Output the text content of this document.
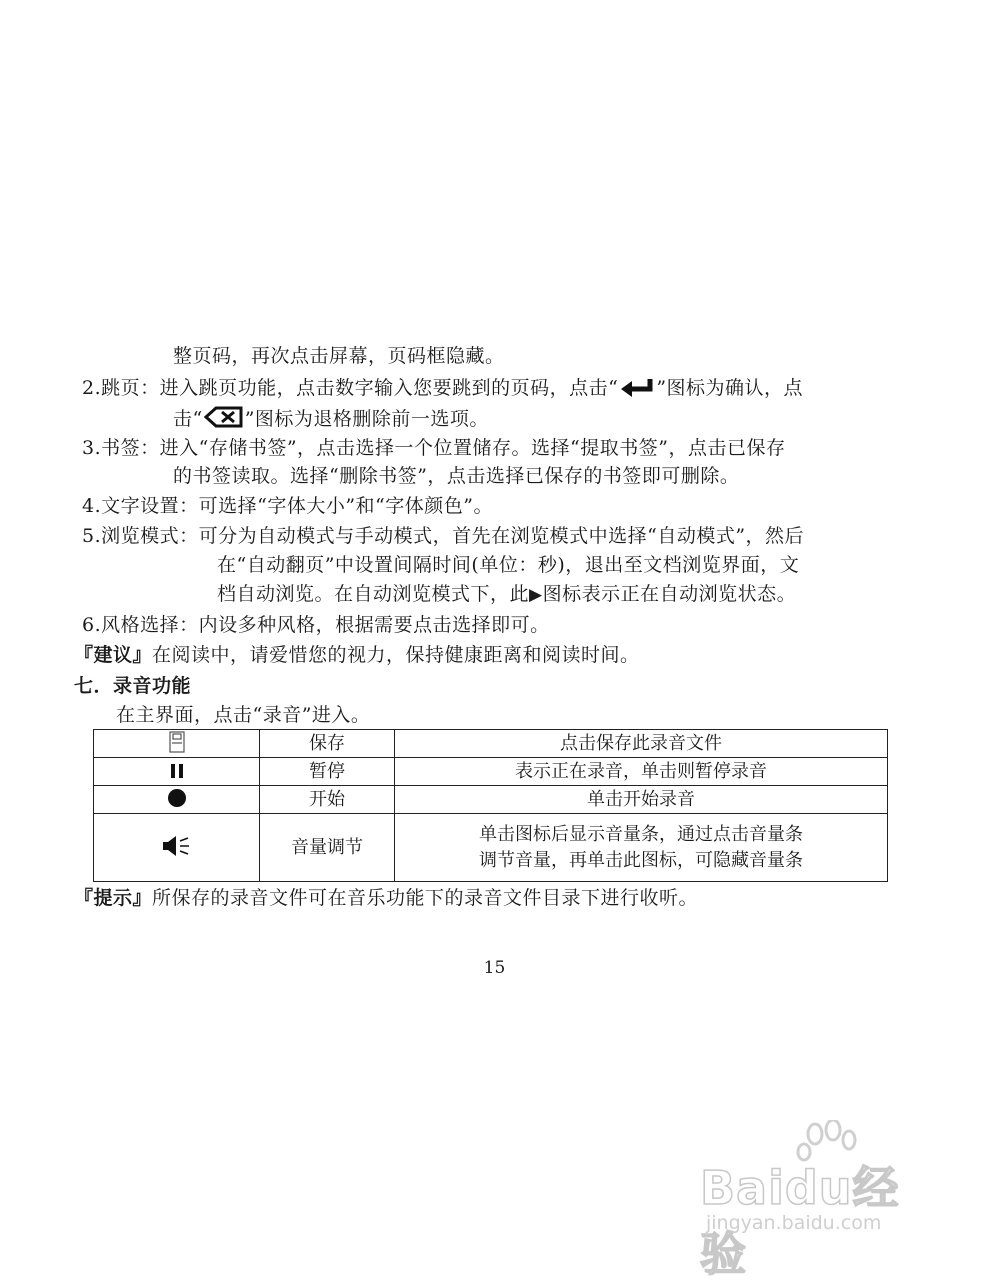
整页码，再次点击屏幕，页码框隐藏。
2.跳页：进入跳页功能，点击数字输入您要跳到的页码，点击“ ”图标为确认，点
击“ ”图标为退格删除前一选项。
3.书签：进入“存储书签”，点击选择一个位置储存。选择“提取书签”，点击已保存
的书签读取。选择“删除书签”，点击选择已保存的书签即可删除。
4.文字设置：可选择“字体大小”和“字体颜色”。
5.浏览模式：可分为自动模式与手动模式，首先在浏览模式中选择“自动模式”，然后
在“自动翻页”中设置间隔时间(单位：秒)，退出至文档浏览界面，文
档自动浏览。在自动浏览模式下，此▶图标表示正在自动浏览状态。
6.风格选择：内设多种风格，根据需要点击选择即可。
『建议』在阅读中，请爱惜您的视力，保持健康距离和阅读时间。
七．录音功能
在主界面，点击“录音”进入。
	保存	点击保存此录音文件
	暂停	表示正在录音，单击则暂停录音
	开始	单击开始录音
	音量调节	单击图标后显示音量条，通过点击音量条
调节音量，再单击此图标，可隐藏音量条
『提示』所保存的录音文件可在音乐功能下的录音文件目录下进行收听。
15
Baidu经验
jingyan.baidu.com
